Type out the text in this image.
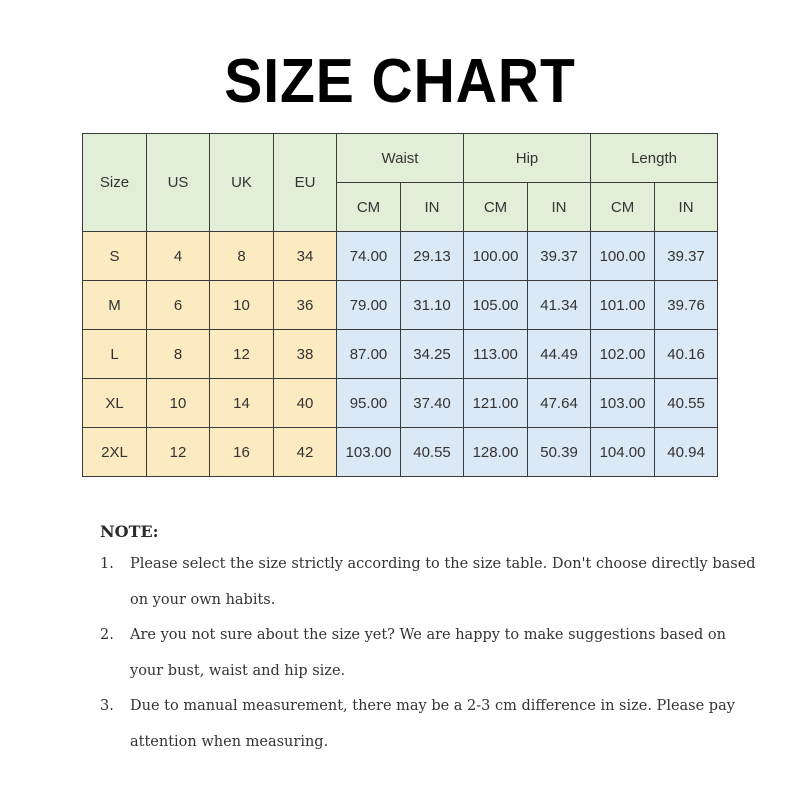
SIZE CHART
Size	US	UK	EU	Waist		Hip		Length	
				CM	IN	CM	IN	CM	IN
S	4	8	34	74.00	29.13	100.00	39.37	100.00	39.37
M	6	10	36	79.00	31.10	105.00	41.34	101.00	39.76
L	8	12	38	87.00	34.25	113.00	44.49	102.00	40.16
XL	10	14	40	95.00	37.40	121.00	47.64	103.00	40.55
2XL	12	16	42	103.00	40.55	128.00	50.39	104.00	40.94
NOTE:
1.	Please select the size strictly according to the size table. Don't choose directly based on your own habits.
2.	Are you not sure about the size yet? We are happy to make suggestions based on your bust, waist and hip size.
3.	Due to manual measurement, there may be a 2-3 cm difference in size. Please pay attention when measuring.
